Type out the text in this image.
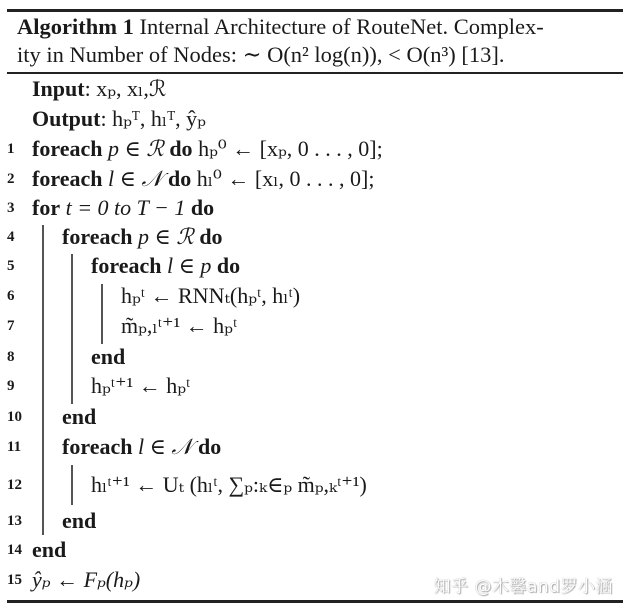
Algorithm 1 Internal Architecture of RouteNet. Complex-
ity in Number of Nodes: ∼ O(n² log(n)), < O(n³) [13].
Input: xₚ, xₗ,ℛ
Output: hₚᵀ, hₗᵀ, ŷₚ
1 foreach p ∈ ℛ do hₚ⁰ ← [xₚ, 0 . . . , 0];
2 foreach l ∈ 𝒩 do hₗ⁰ ← [xₗ, 0 . . . , 0];
3 for t = 0 to T − 1 do
4	foreach p ∈ ℛ do
5	foreach l ∈ p do
6	hₚᵗ ← RNNₜ(hₚᵗ, hₗᵗ)
7	m̃ₚ,ₗᵗ⁺¹ ← hₚᵗ
8	end
9	hₚᵗ⁺¹ ← hₚᵗ
10	end
11	foreach l ∈ 𝒩 do
12	hₗᵗ⁺¹ ← Uₜ (hₗᵗ, ∑ₚ:ₖ∈ₚ m̃ₚ,ₖᵗ⁺¹)
13	end
14 end
15 ŷₚ ← Fₚ(hₚ)	知乎 @木馨and罗小涵
